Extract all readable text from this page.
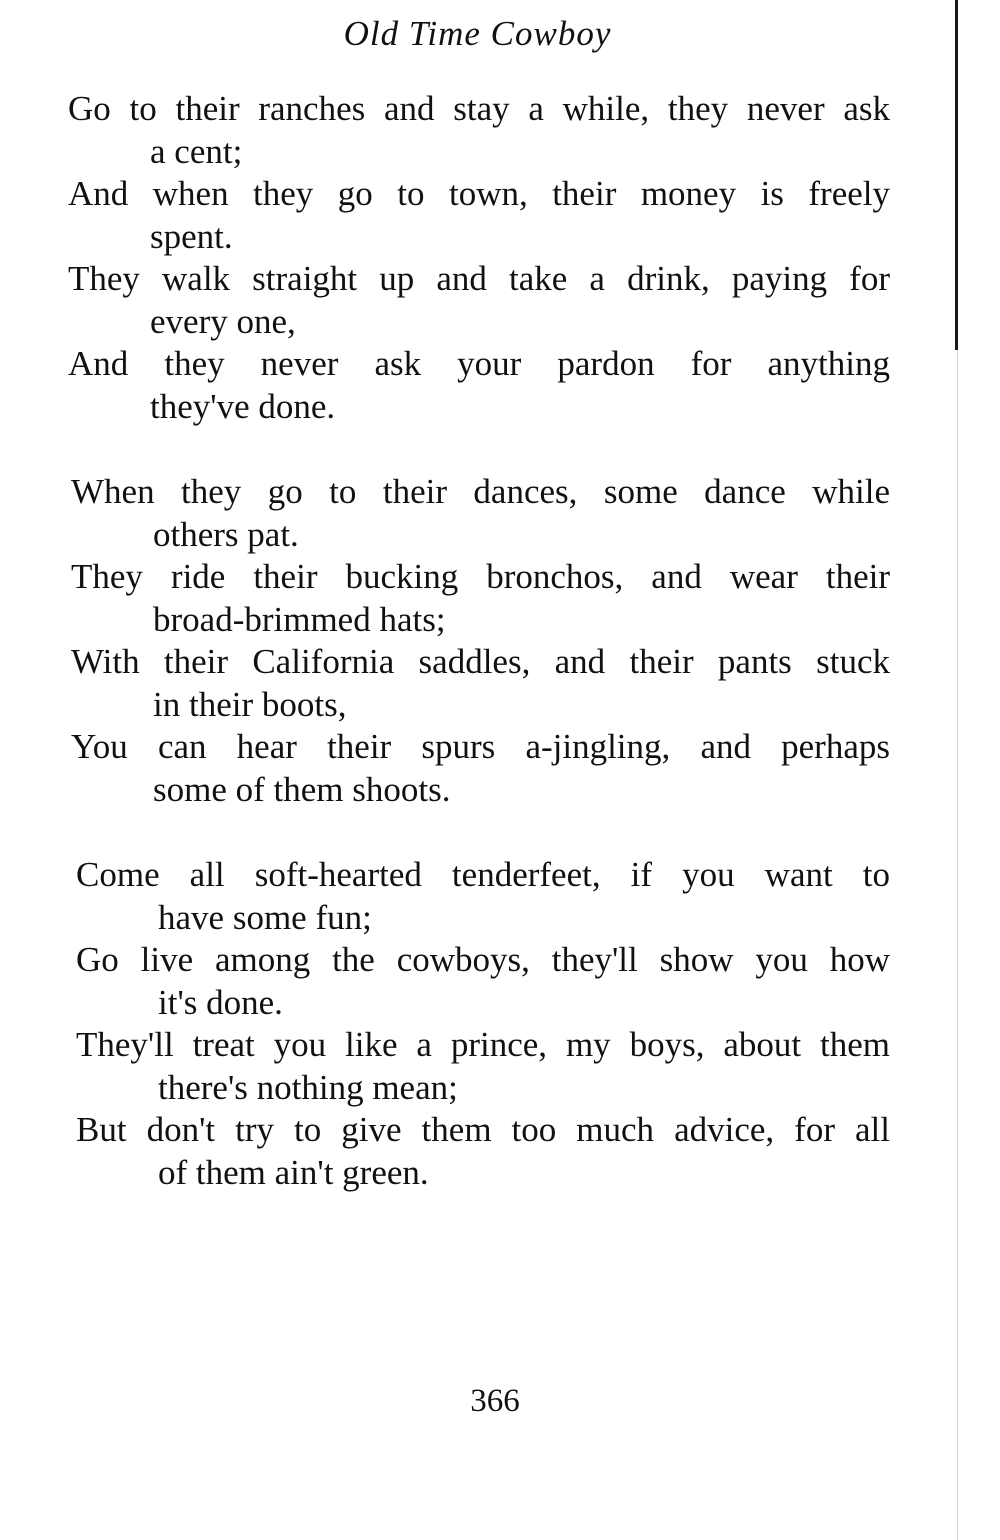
Old Time Cowboy
Go to their ranches and stay a while, they never ask
a cent;
And when they go to town, their money is freely
spent.
They walk straight up and take a drink, paying for
every one,
And they never ask your pardon for anything
they've done.
When they go to their dances, some dance while
others pat.
They ride their bucking bronchos, and wear their
broad-brimmed hats;
With their California saddles, and their pants stuck
in their boots,
You can hear their spurs a-jingling, and perhaps
some of them shoots.
Come all soft-hearted tenderfeet, if you want to
have some fun;
Go live among the cowboys, they'll show you how
it's done.
They'll treat you like a prince, my boys, about them
there's nothing mean;
But don't try to give them too much advice, for all
of them ain't green.

366
